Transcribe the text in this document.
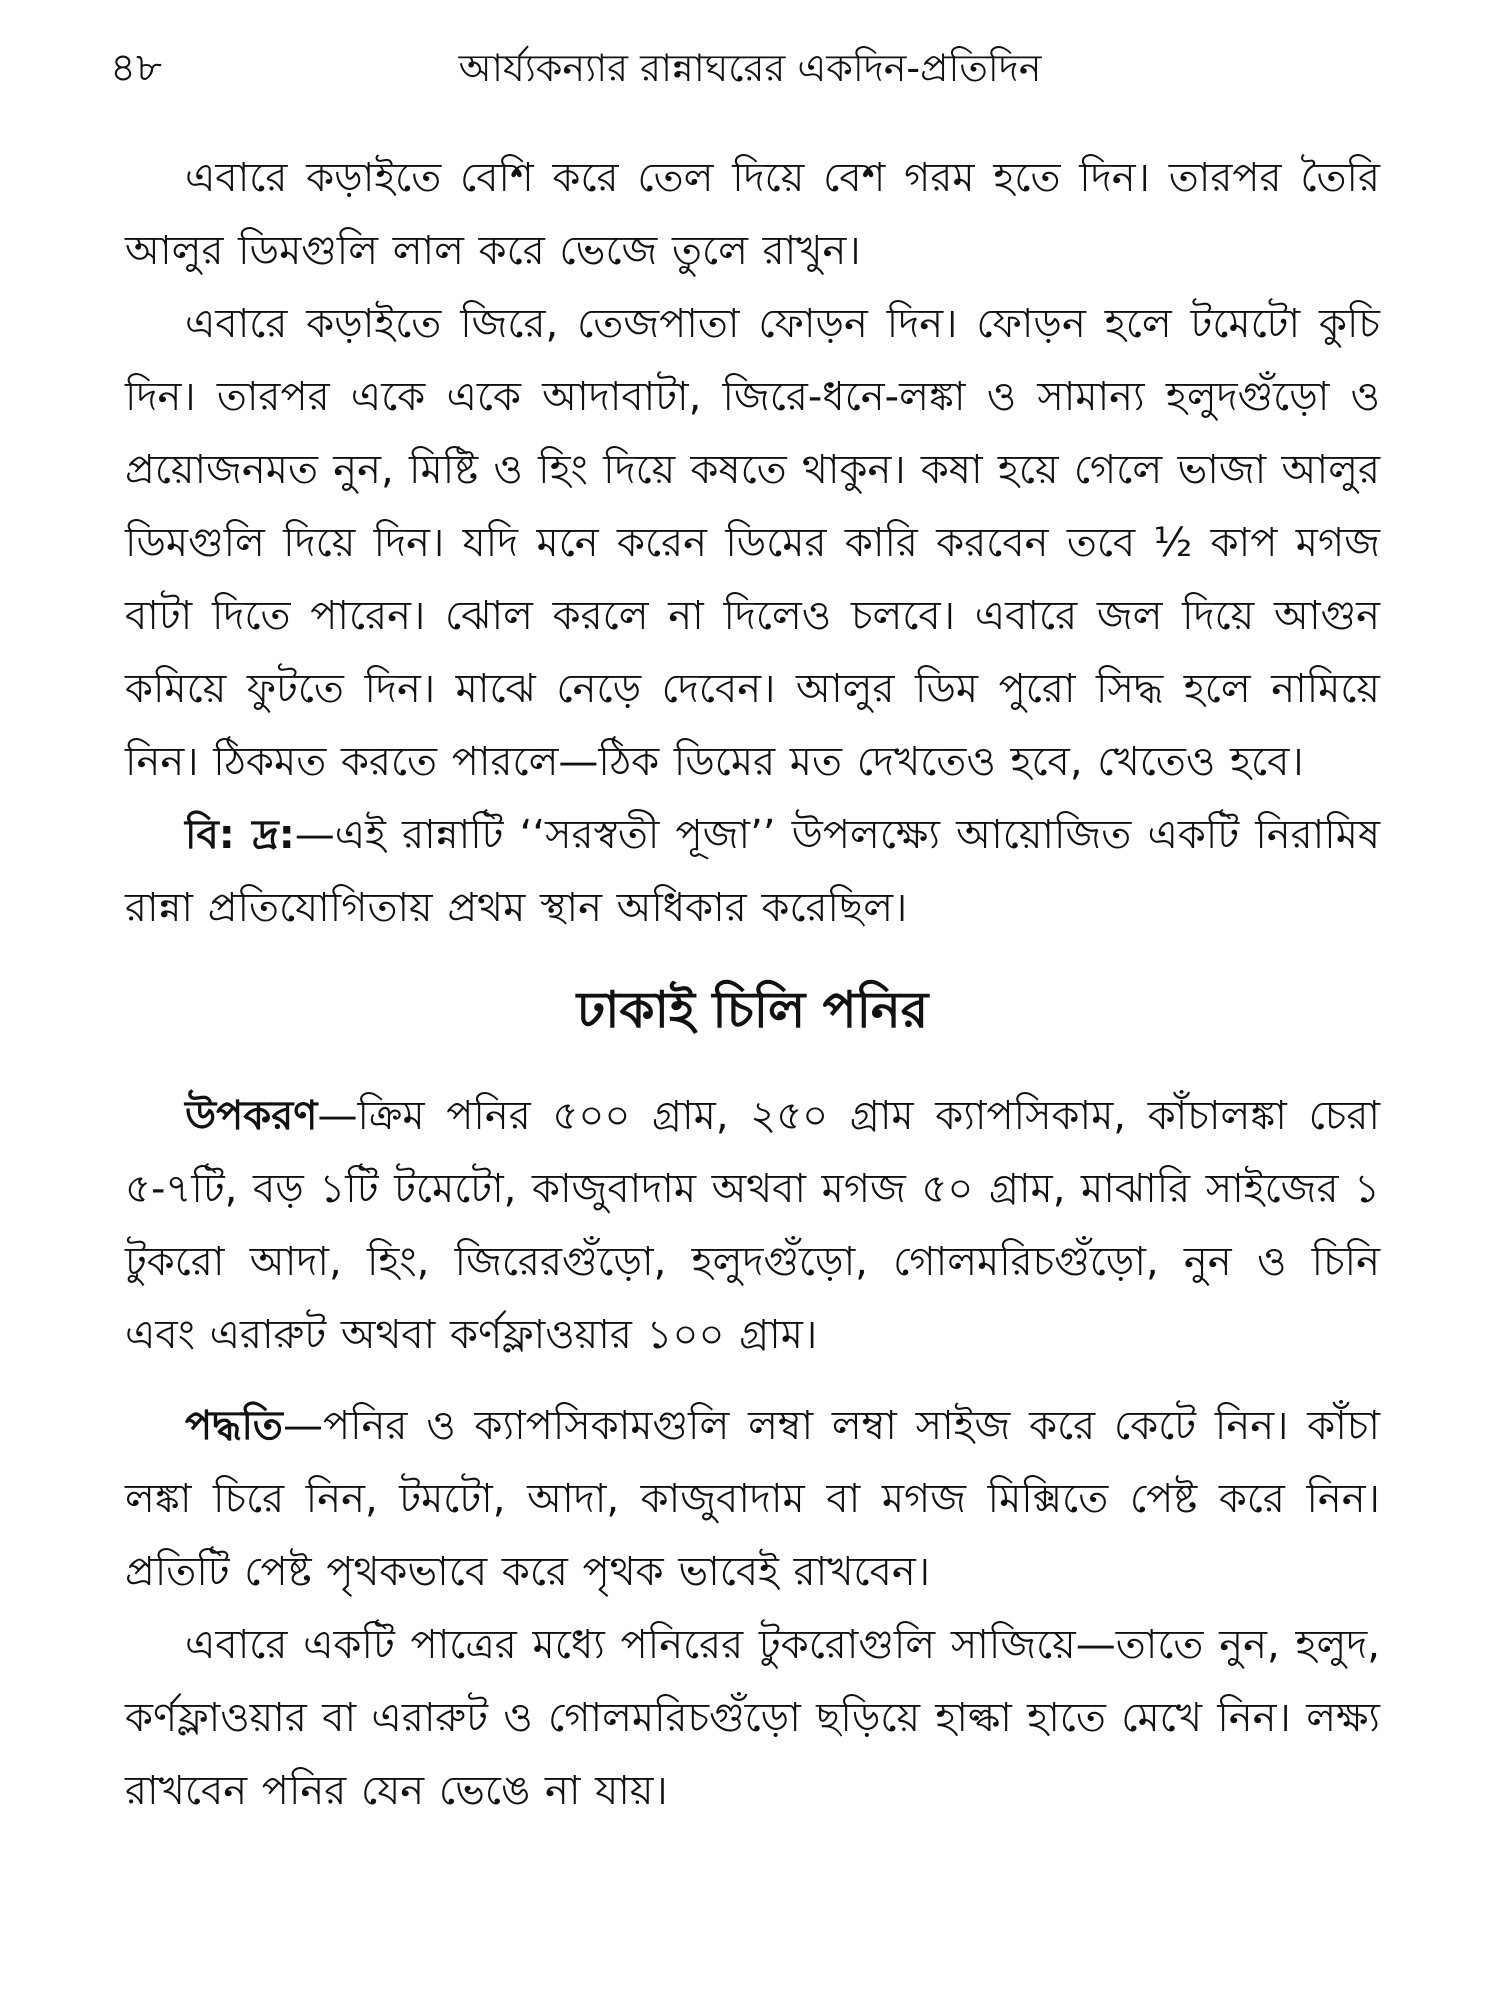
৪৮	আর্য্যকন্যার রান্নাঘরের একদিন-প্রতিদিন

এবারে কড়াইতে বেশি করে তেল দিয়ে বেশ গরম হতে দিন। তারপর তৈরি আলুর ডিমগুলি লাল করে ভেজে তুলে রাখুন।

এবারে কড়াইতে জিরে, তেজপাতা ফোড়ন দিন। ফোড়ন হলে টমেটো কুচি দিন। তারপর একে একে আদাবাটা, জিরে-ধনে-লঙ্কা ও সামান্য হলুদগুঁড়ো ও প্রয়োজনমত নুন, মিষ্টি ও হিং দিয়ে কষতে থাকুন। কষা হয়ে গেলে ভাজা আলুর ডিমগুলি দিয়ে দিন। যদি মনে করেন ডিমের কারি করবেন তবে ½ কাপ মগজ বাটা দিতে পারেন। ঝোল করলে না দিলেও চলবে। এবারে জল দিয়ে আগুন কমিয়ে ফুটতে দিন। মাঝে নেড়ে দেবেন। আলুর ডিম পুরো সিদ্ধ হলে নামিয়ে নিন। ঠিকমত করতে পারলে—ঠিক ডিমের মত দেখতেও হবে, খেতেও হবে।

বি: দ্র:—এই রান্নাটি ‘‘সরস্বতী পূজা’’ উপলক্ষ্যে আয়োজিত একটি নিরামিষ রান্না প্রতিযোগিতায় প্রথম স্থান অধিকার করেছিল।

ঢাকাই চিলি পনির

উপকরণ—ক্রিম পনির ৫০০ গ্রাম, ২৫০ গ্রাম ক্যাপসিকাম, কাঁচালঙ্কা চেরা ৫-৭টি, বড় ১টি টমেটো, কাজুবাদাম অথবা মগজ ৫০ গ্রাম, মাঝারি সাইজের ১ টুকরো আদা, হিং, জিরেরগুঁড়ো, হলুদগুঁড়ো, গোলমরিচগুঁড়ো, নুন ও চিনি এবং এরারুট অথবা কর্ণফ্লাওয়ার ১০০ গ্রাম।

পদ্ধতি—পনির ও ক্যাপসিকামগুলি লম্বা লম্বা সাইজ করে কেটে নিন। কাঁচা লঙ্কা চিরে নিন, টমটো, আদা, কাজুবাদাম বা মগজ মিক্সিতে পেষ্ট করে নিন। প্রতিটি পেষ্ট পৃথকভাবে করে পৃথক ভাবেই রাখবেন।

এবারে একটি পাত্রের মধ্যে পনিরের টুকরোগুলি সাজিয়ে—তাতে নুন, হলুদ, কর্ণফ্লাওয়ার বা এরারুট ও গোলমরিচগুঁড়ো ছড়িয়ে হাল্কা হাতে মেখে নিন। লক্ষ্য রাখবেন পনির যেন ভেঙে না যায়।
